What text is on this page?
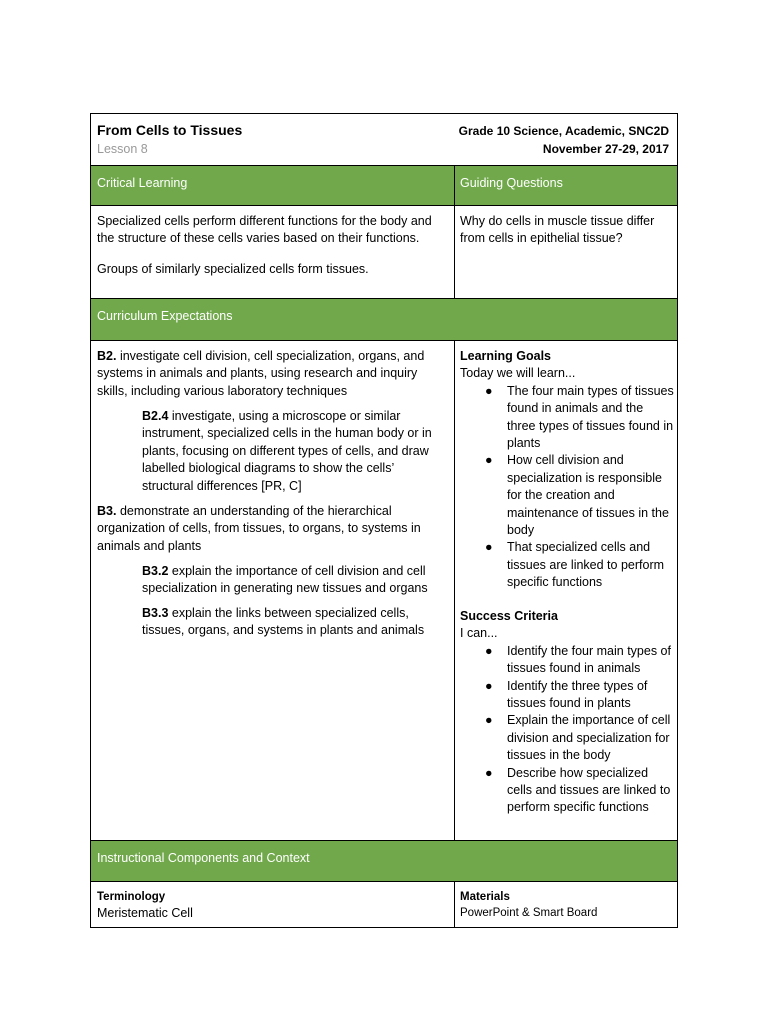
From Cells to Tissues
Lesson 8
Grade 10 Science, Academic, SNC2D
November 27-29, 2017
Critical Learning	Guiding Questions
Specialized cells perform different functions for the body and the structure of these cells varies based on their functions.
Groups of similarly specialized cells form tissues.
Why do cells in muscle tissue differ from cells in epithelial tissue?
Curriculum Expectations
B2. investigate cell division, cell specialization, organs, and systems in animals and plants, using research and inquiry skills, including various laboratory techniques
B2.4 investigate, using a microscope or similar instrument, specialized cells in the human body or in plants, focusing on different types of cells, and draw labelled biological diagrams to show the cells’ structural differences [PR, C]
B3. demonstrate an understanding of the hierarchical organization of cells, from tissues, to organs, to systems in animals and plants
B3.2 explain the importance of cell division and cell specialization in generating new tissues and organs
B3.3 explain the links between specialized cells, tissues, organs, and systems in plants and animals
Learning Goals
Today we will learn...
● The four main types of tissues found in animals and the three types of tissues found in plants
● How cell division and specialization is responsible for the creation and maintenance of tissues in the body
● That specialized cells and tissues are linked to perform specific functions
Success Criteria
I can...
● Identify the four main types of tissues found in animals
● Identify the three types of tissues found in plants
● Explain the importance of cell division and specialization for tissues in the body
● Describe how specialized cells and tissues are linked to perform specific functions
Instructional Components and Context
Terminology
Meristematic Cell
Materials
PowerPoint & Smart Board
